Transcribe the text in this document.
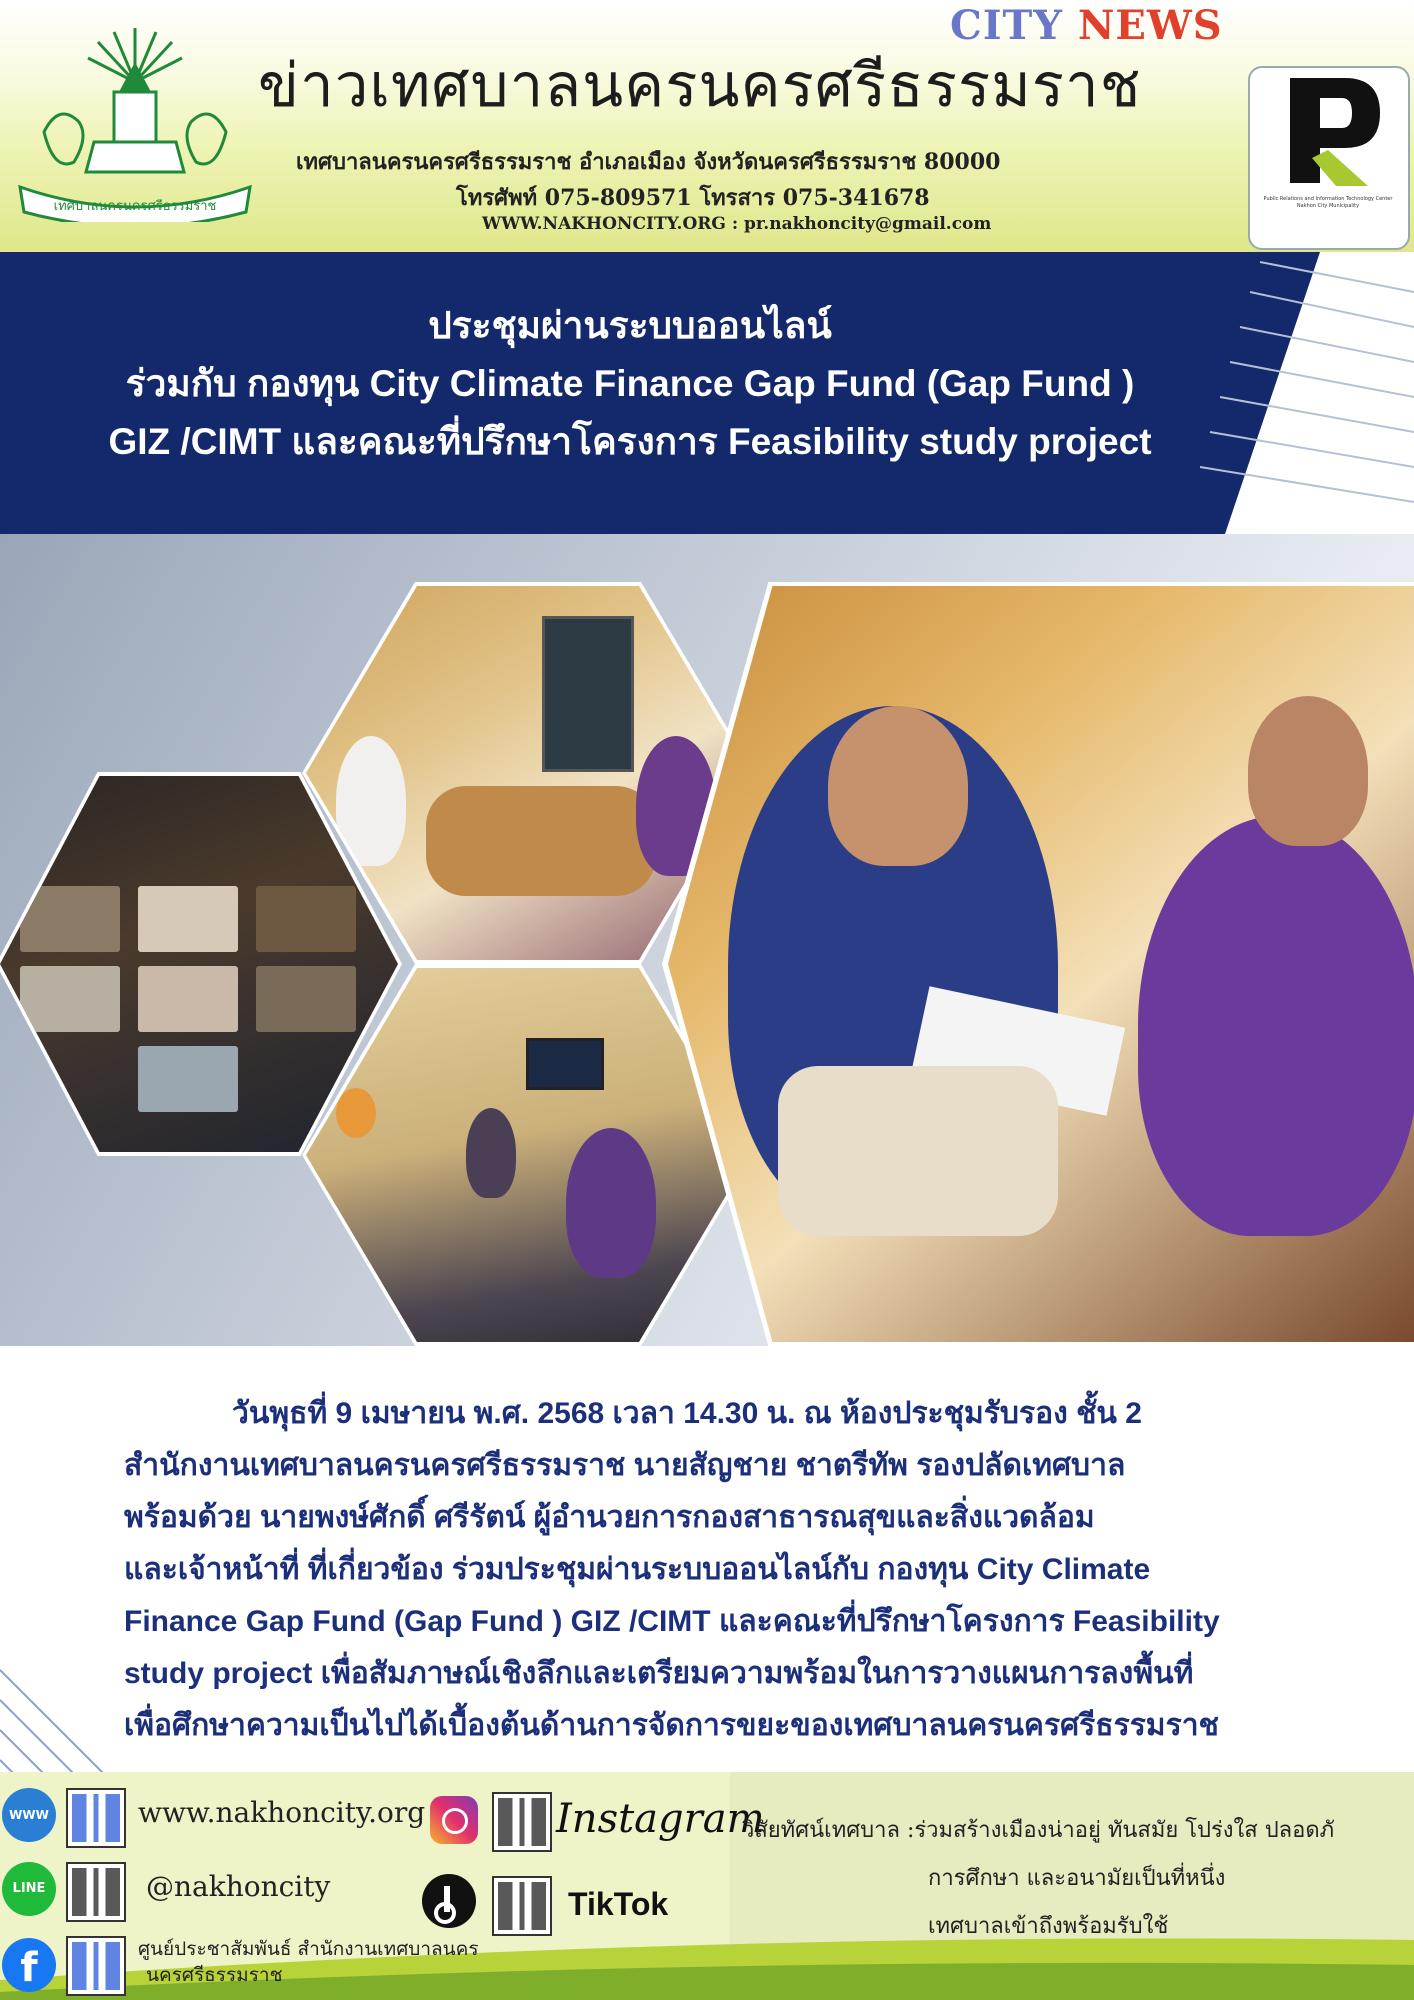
CITY NEWS
เทศบาลนครนครศรีธรรมราช
ข่าวเทศบาลนครนครศรีธรรมราช
เทศบาลนครนครศรีธรรมราช อำเภอเมือง จังหวัดนครศรีธรรมราช 80000
โทรศัพท์ 075-809571 โทรสาร 075-341678
WWW.NAKHONCITY.ORG : pr.nakhoncity@gmail.com
Public Relations and Information Technology Center Nakhon City Municipality
ประชุมผ่านระบบออนไลน์
ร่วมกับ กองทุน City Climate Finance Gap Fund (Gap Fund )
GIZ /CIMT และคณะที่ปรึกษาโครงการ Feasibility study project
วันพุธที่ 9 เมษายน พ.ศ. 2568 เวลา 14.30 น. ณ ห้องประชุมรับรอง ชั้น 2
สำนักงานเทศบาลนครนครศรีธรรมราช นายสัญชาย ชาตรีทัพ รองปลัดเทศบาล
พร้อมด้วย นายพงษ์ศักดิ์ ศรีรัตน์ ผู้อำนวยการกองสาธารณสุขและสิ่งแวดล้อม
และเจ้าหน้าที่ ที่เกี่ยวข้อง ร่วมประชุมผ่านระบบออนไลน์กับ กองทุน City Climate
Finance Gap Fund (Gap Fund ) GIZ /CIMT และคณะที่ปรึกษาโครงการ Feasibility
study project เพื่อสัมภาษณ์เชิงลึกและเตรียมความพร้อมในการวางแผนการลงพื้นที่
เพื่อศึกษาความเป็นไปได้เบื้องต้นด้านการจัดการขยะของเทศบาลนครนครศรีธรรมราช
WWW	www.nakhoncity.org	Instagram
LINE	@nakhoncity	TikTok
f	ศูนย์ประชาสัมพันธ์ สำนักงานเทศบาลนคร
นครศรีธรรมราช
วิสัยทัศน์เทศบาล :ร่วมสร้างเมืองน่าอยู่ ทันสมัย โปร่งใส ปลอดภั
การศึกษา และอนามัยเป็นที่หนึ่ง
เทศบาลเข้าถึงพร้อมรับใช้
